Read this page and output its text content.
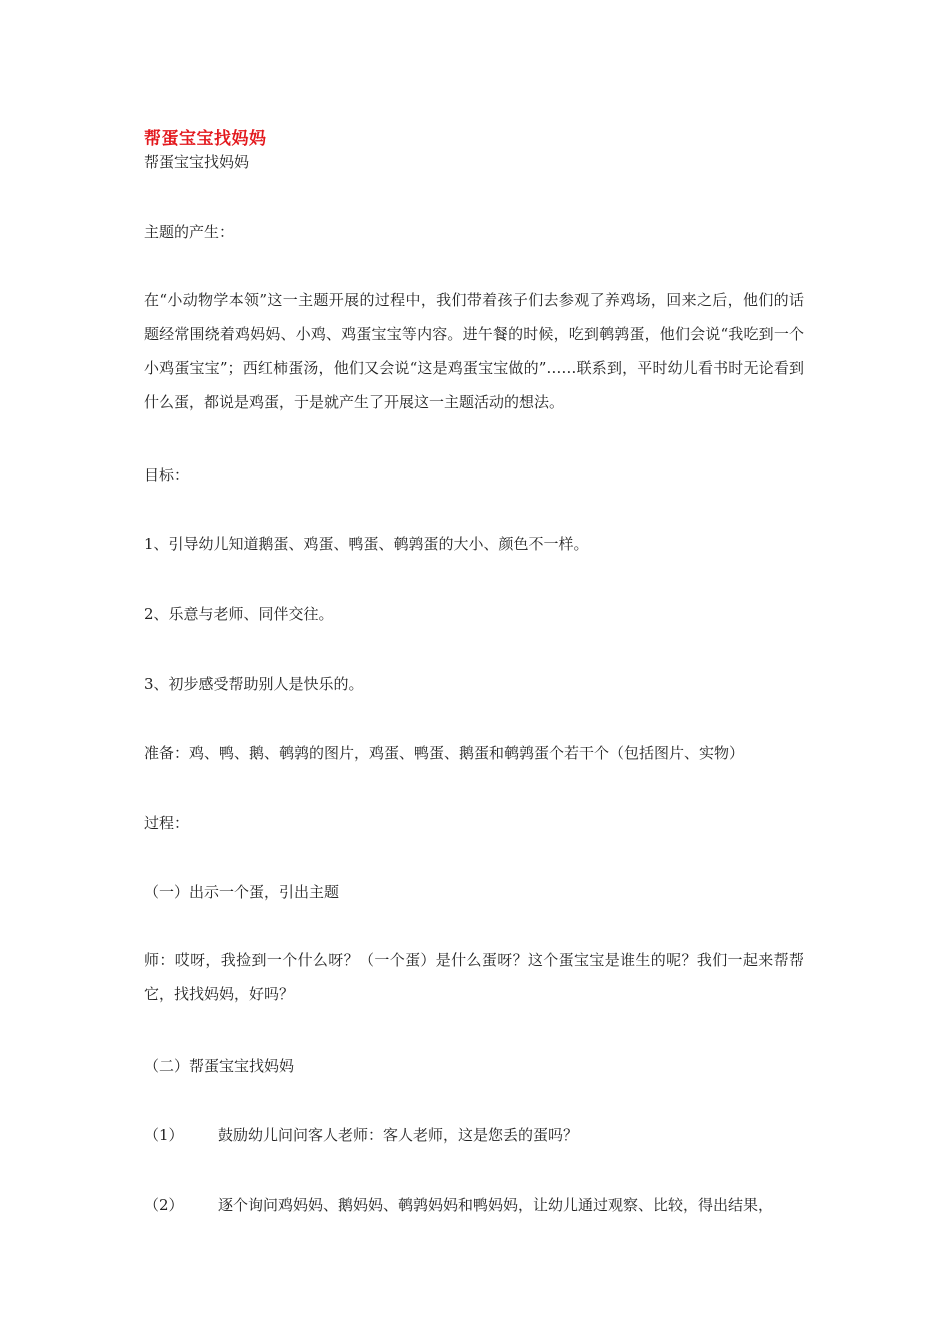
帮蛋宝宝找妈妈
帮蛋宝宝找妈妈
主题的产生：
在“小动物学本领”这一主题开展的过程中，我们带着孩子们去参观了养鸡场，回来之后，他们的话题经常围绕着鸡妈妈、小鸡、鸡蛋宝宝等内容。进午餐的时候，吃到鹌鹑蛋，他们会说“我吃到一个小鸡蛋宝宝”；西红柿蛋汤，他们又会说“这是鸡蛋宝宝做的”……联系到，平时幼儿看书时无论看到什么蛋，都说是鸡蛋，于是就产生了开展这一主题活动的想法。
目标：
1、引导幼儿知道鹅蛋、鸡蛋、鸭蛋、鹌鹑蛋的大小、颜色不一样。
2、乐意与老师、同伴交往。
3、初步感受帮助别人是快乐的。
准备：鸡、鸭、鹅、鹌鹑的图片，鸡蛋、鸭蛋、鹅蛋和鹌鹑蛋个若干个（包括图片、实物）
过程：
（一）出示一个蛋，引出主题
师：哎呀，我捡到一个什么呀？（一个蛋）是什么蛋呀？这个蛋宝宝是谁生的呢？我们一起来帮帮它，找找妈妈，好吗？
（二）帮蛋宝宝找妈妈
（1） 鼓励幼儿问问客人老师：客人老师，这是您丢的蛋吗？
（2） 逐个询问鸡妈妈、鹅妈妈、鹌鹑妈妈和鸭妈妈，让幼儿通过观察、比较，得出结果，
